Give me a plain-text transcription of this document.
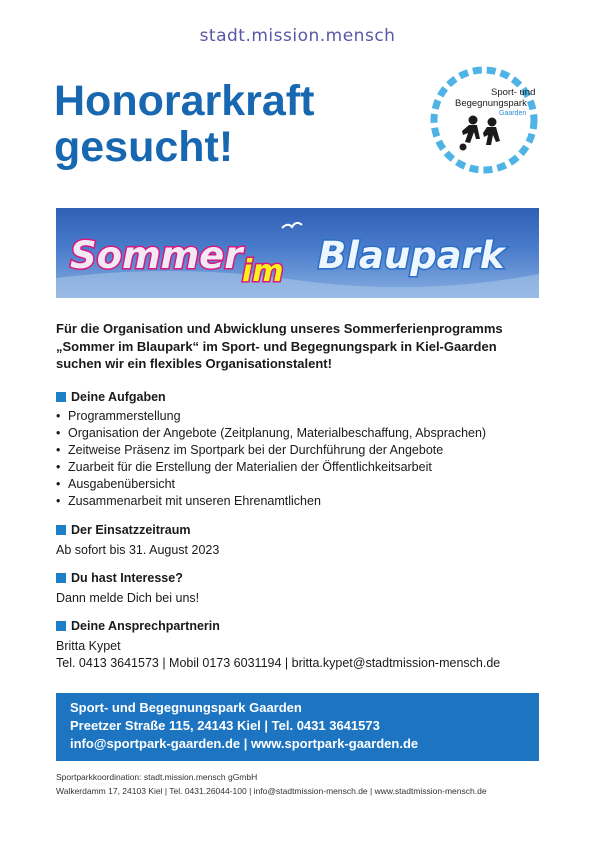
stadt.mission.mensch
Honorarkraft
gesucht!
Sport- und
Begegnungspark
Gaarden
Sommer im Blaupark
Für die Organisation und Abwicklung unseres Sommerferienprogramms
„Sommer im Blaupark“ im Sport- und Begegnungspark in Kiel-Gaarden
suchen wir ein flexibles Organisationstalent!
Deine Aufgaben
• Programmerstellung
• Organisation der Angebote (Zeitplanung, Materialbeschaffung, Absprachen)
• Zeitweise Präsenz im Sportpark bei der Durchführung der Angebote
• Zuarbeit für die Erstellung der Materialien der Öffentlichkeitsarbeit
• Ausgabenübersicht
• Zusammenarbeit mit unseren Ehrenamtlichen
Der Einsatzzeitraum
Ab sofort bis 31. August 2023
Du hast Interesse?
Dann melde Dich bei uns!
Deine Ansprechpartnerin
Britta Kypet
Tel. 0413 3641573 | Mobil 0173 6031194 | britta.kypet@stadtmission-mensch.de
Sport- und Begegnungspark Gaarden
Preetzer Straße 115, 24143 Kiel | Tel. 0431 3641573
info@sportpark-gaarden.de | www.sportpark-gaarden.de
Sportparkkoordination: stadt.mission.mensch gGmbH
Walkerdamm 17, 24103 Kiel | Tel. 0431.26044-100 | info@stadtmission-mensch.de | www.stadtmission-mensch.de
